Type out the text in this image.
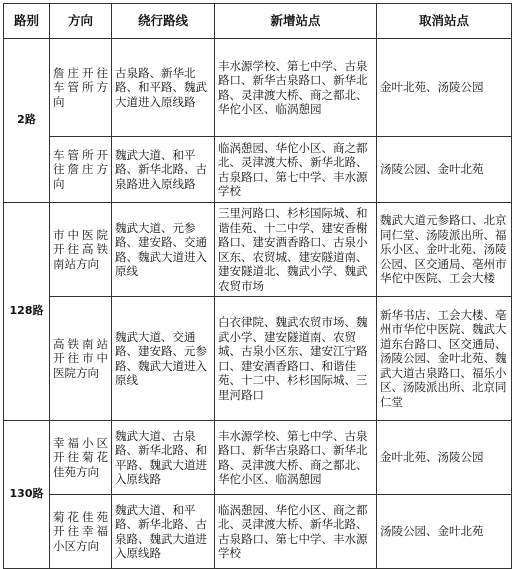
路别	方向	绕行路线	新增站点	取消站点
2路	詹庄开往车管所方向	古泉路、新华北路、和平路、魏武大道进入原线路	丰水源学校、第七中学、古泉路口、新华古泉路口、新华北路、灵津渡大桥、商之都北、华佗小区、临涡憩园	金叶北苑、汤陵公园

	车管所开往詹庄方向	魏武大道、和平路、新华北路、古泉路进入原线路	临涡憩园、华佗小区、商之都北、灵津渡大桥、新华北路、古泉路口、第七中学、丰水源学校	汤陵公园、金叶北苑

128路	市中医院开往高铁南站方向	魏武大道、元参路、建安路、交通路、魏武大道进入原线	三里河路口、杉杉国际城、和谐佳苑、十二中学、建安香榭路口、建安酒香路口、古泉小区东、农贸城、建安隧道南、建安隧道北、魏武小学、魏武农贸市场	魏武大道元参路口、北京同仁堂、汤陵派出所、福乐小区、金叶北苑、汤陵公园、区交通局、亳州市华佗中医院、工会大楼

	高铁南站开往市中医院方向	魏武大道、交通路、建安路、元参路、魏武大道进入原线	白衣律院、魏武农贸市场、魏武小学、建安隧道南、农贸城、古泉小区东、建安江宁路口、建安酒香路口、和谐佳苑、十二中、杉杉国际城、三里河路口	新华书店、工会大楼、亳州市华佗中医院、魏武大道东台路口、区交通局、汤陵公园、金叶北苑、魏武大道古泉路口、福乐小区、汤陵派出所、北京同仁堂

130路	幸福小区开往菊花佳苑方向	魏武大道、古泉路、新华北路、和平路、魏武大道进入原线路	丰水源学校、第七中学、古泉路口、新华古泉路口、新华北路、灵津渡大桥、商之都北、华佗小区、临涡憩园	金叶北苑、汤陵公园

	菊花佳苑开往幸福小区方向	魏武大道、和平路、新华北路、古泉路、魏武大道进入原线路	临涡憩园、华佗小区、商之都北、灵津渡大桥、新华北路、古泉路口、第七中学、丰水源学校	汤陵公园、金叶北苑
